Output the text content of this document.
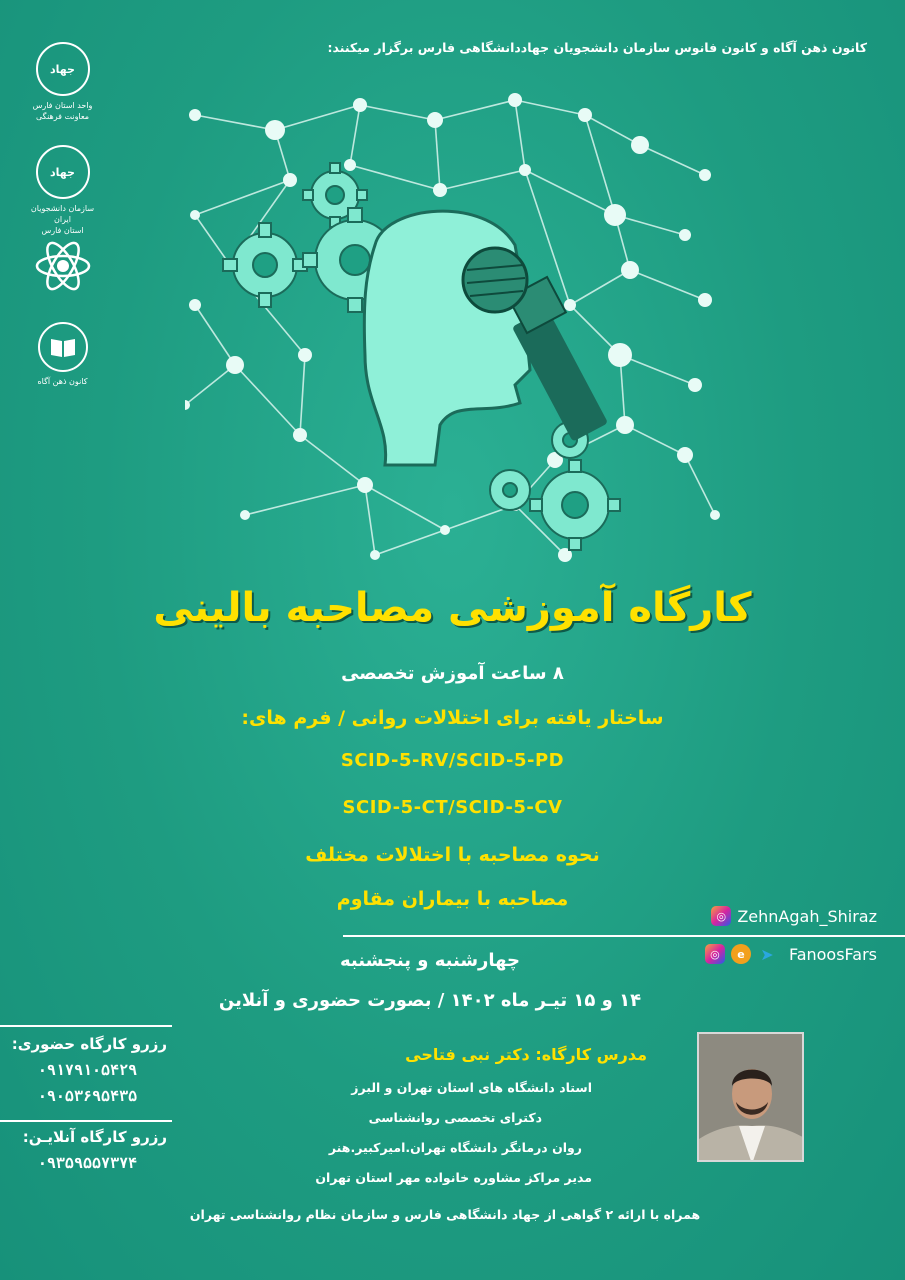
کانون ذهن آگاه و کانون فانوس سازمان دانشجویان جهاددانشگاهی فارس برگزار میکنند:
جهاد
واحد استان فارس
معاونت فرهنگی
جهاد
سازمان دانشجویان ایران
استان فارس
کانون ذهن آگاه
کارگاه آموزشی مصاحبه بالینی
۸ ساعت آموزش تخصصی
ساختار یافته برای اختلالات روانی / فرم های:
SCID-5-RV/SCID-5-PD
SCID-5-CT/SCID-5-CV
نحوه مصاحبه با اختلالات مختلف
مصاحبه با بیماران مقاوم
◎ ZehnAgah_Shiraz
◎	e ➤ FanoosFars
چهارشنبه و پنجشنبه
۱۴ و ۱۵ تیـر ماه ۱۴۰۲ / بصورت حضوری و آنلاین
رزرو کارگاه حضوری:
۰۹۱۷۹۱۰۵۴۲۹
۰۹۰۵۳۶۹۵۴۳۵
رزرو کارگاه آنلایـن:
۰۹۳۵۹۵۵۷۳۷۴
مدرس کارگاه: دکتر نبی فتاحی
استاد دانشگاه های استان تهران و البرز
دکترای تخصصی روانشناسی
روان درمانگر دانشگاه تهران.امیرکبیر.هنر
مدیر مراکز مشاوره خانواده مهر استان تهران
همراه با ارائه ۲ گواهی از جهاد دانشگاهی فارس و سازمان نظام روانشناسی تهران
